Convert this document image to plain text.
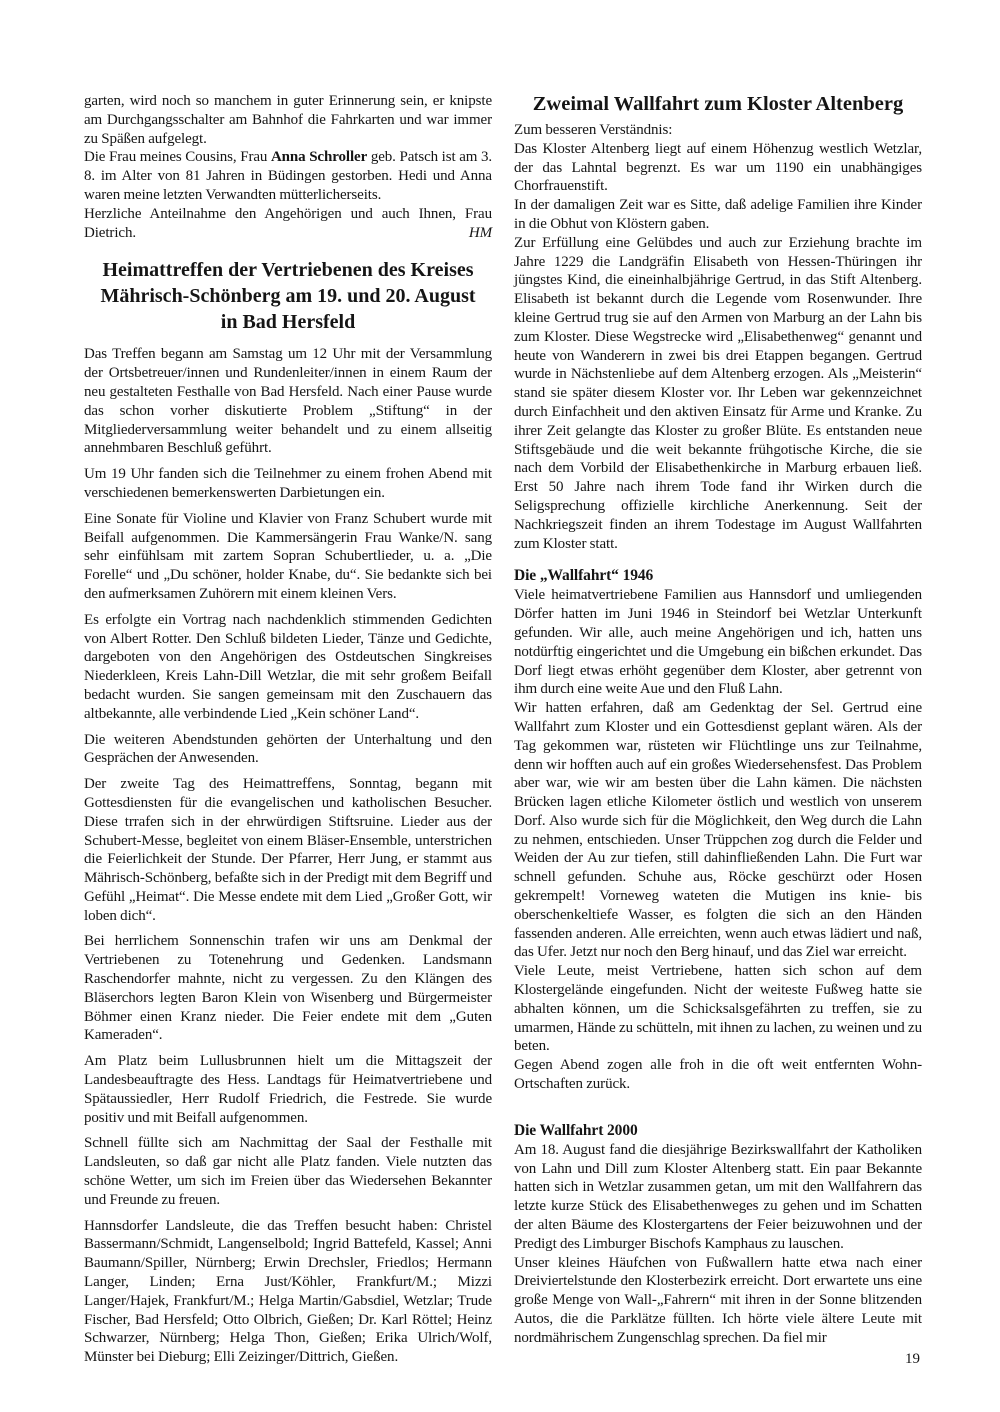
garten, wird noch so manchem in guter Erinnerung sein, er knipste am Durchgangsschalter am Bahnhof die Fahrkarten und war immer zu Späßen aufgelegt.

Die Frau meines Cousins, Frau Anna Schroller geb. Patsch ist am 3. 8. im Alter von 81 Jahren in Büdingen gestorben. Hedi und Anna waren meine letzten Verwandten mütterlicherseits.

Herzliche Anteilnahme den Angehörigen und auch Ihnen, Frau Dietrich.	HM

Heimattreffen der Vertriebenen des Kreises
Mährisch-Schönberg am 19. und 20. August
in Bad Hersfeld

Das Treffen begann am Samstag um 12 Uhr mit der Versammlung der Ortsbetreuer/innen und Rundenleiter/innen in einem Raum der neu gestalteten Festhalle von Bad Hersfeld. Nach einer Pause wurde das schon vorher diskutierte Problem „Stiftung“ in der Mitgliederversammlung weiter behandelt und zu einem allseitig annehmbaren Beschluß geführt.

Um 19 Uhr fanden sich die Teilnehmer zu einem frohen Abend mit verschiedenen bemerkenswerten Darbietungen ein.

Eine Sonate für Violine und Klavier von Franz Schubert wurde mit Beifall aufgenommen. Die Kammersängerin Frau Wanke/N. sang sehr einfühlsam mit zartem Sopran Schubertlieder, u. a. „Die Forelle“ und „Du schöner, holder Knabe, du“. Sie bedankte sich bei den aufmerksamen Zuhörern mit einem kleinen Vers.

Es erfolgte ein Vortrag nach nachdenklich stimmenden Gedichten von Albert Rotter. Den Schluß bildeten Lieder, Tänze und Gedichte, dargeboten von den Angehörigen des Ostdeutschen Singkreises Niederkleen, Kreis Lahn-Dill Wetzlar, die mit sehr großem Beifall bedacht wurden. Sie sangen gemeinsam mit den Zuschauern das altbekannte, alle verbindende Lied „Kein schöner Land“.

Die weiteren Abendstunden gehörten der Unterhaltung und den Gesprächen der Anwesenden.

Der zweite Tag des Heimattreffens, Sonntag, begann mit Gottesdiensten für die evangelischen und katholischen Besucher. Diese trrafen sich in der ehrwürdigen Stiftsruine. Lieder aus der Schubert-Messe, begleitet von einem Bläser-Ensemble, unterstrichen die Feierlichkeit der Stunde. Der Pfarrer, Herr Jung, er stammt aus Mährisch-Schönberg, befaßte sich in der Predigt mit dem Begriff und Gefühl „Heimat“. Die Messe endete mit dem Lied „Großer Gott, wir loben dich“.

Bei herrlichem Sonnenschin trafen wir uns am Denkmal der Vertriebenen zu Totenehrung und Gedenken. Landsmann Raschendorfer mahnte, nicht zu vergessen. Zu den Klängen des Bläserchors legten Baron Klein von Wisenberg und Bürgermeister Böhmer einen Kranz nieder. Die Feier endete mit dem „Guten Kameraden“.

Am Platz beim Lullusbrunnen hielt um die Mittagszeit der Landesbeauftragte des Hess. Landtags für Heimatvertriebene und Spätaussiedler, Herr Rudolf Friedrich, die Festrede. Sie wurde positiv und mit Beifall aufgenommen.

Schnell füllte sich am Nachmittag der Saal der Festhalle mit Landsleuten, so daß gar nicht alle Platz fanden. Viele nutzten das schöne Wetter, um sich im Freien über das Wiedersehen Bekannter und Freunde zu freuen.

Hannsdorfer Landsleute, die das Treffen besucht haben: Christel Bassermann/Schmidt, Langenselbold; Ingrid Battefeld, Kassel; Anni Baumann/Spiller, Nürnberg; Erwin Drechsler, Friedlos; Hermann Langer, Linden; Erna Just/Köhler, Frankfurt/M.; Mizzi Langer/Hajek, Frankfurt/M.; Helga Martin/Gabsdiel, Wetzlar; Trude Fischer, Bad Hersfeld; Otto Olbrich, Gießen; Dr. Karl Röttel; Heinz Schwarzer, Nürnberg; Helga Thon, Gießen; Erika Ulrich/Wolf, Münster bei Dieburg; Elli Zeizinger/Dittrich, Gießen.

Zweimal Wallfahrt zum Kloster Altenberg

Zum besseren Verständnis:

Das Kloster Altenberg liegt auf einem Höhenzug westlich Wetzlar, der das Lahntal begrenzt. Es war um 1190 ein unabhängiges Chorfrauenstift.

In der damaligen Zeit war es Sitte, daß adelige Familien ihre Kinder in die Obhut von Klöstern gaben.

Zur Erfüllung eine Gelübdes und auch zur Erziehung brachte im Jahre 1229 die Landgräfin Elisabeth von Hessen-Thüringen ihr jüngstes Kind, die eineinhalbjährige Gertrud, in das Stift Altenberg. Elisabeth ist bekannt durch die Legende vom Rosenwunder. Ihre kleine Gertrud trug sie auf den Armen von Marburg an der Lahn bis zum Kloster. Diese Wegstrecke wird „Elisabethenweg“ genannt und heute von Wanderern in zwei bis drei Etappen begangen. Gertrud wurde in Nächstenliebe auf dem Altenberg erzogen. Als „Meisterin“ stand sie später diesem Kloster vor. Ihr Leben war gekennzeichnet durch Einfachheit und den aktiven Einsatz für Arme und Kranke. Zu ihrer Zeit gelangte das Kloster zu großer Blüte. Es entstanden neue Stiftsgebäude und die weit bekannte frühgotische Kirche, die sie nach dem Vorbild der Elisabethenkirche in Marburg erbauen ließ. Erst 50 Jahre nach ihrem Tode fand ihr Wirken durch die Seligsprechung offizielle kirchliche Anerkennung. Seit der Nachkriegszeit finden an ihrem Todestage im August Wallfahrten zum Kloster statt.

Die „Wallfahrt“ 1946

Viele heimatvertriebene Familien aus Hannsdorf und umliegenden Dörfer hatten im Juni 1946 in Steindorf bei Wetzlar Unterkunft gefunden. Wir alle, auch meine Angehörigen und ich, hatten uns notdürftig eingerichtet und die Umgebung ein bißchen erkundet. Das Dorf liegt etwas erhöht gegenüber dem Kloster, aber getrennt von ihm durch eine weite Aue und den Fluß Lahn.

Wir hatten erfahren, daß am Gedenktag der Sel. Gertrud eine Wallfahrt zum Kloster und ein Gottesdienst geplant wären. Als der Tag gekommen war, rüsteten wir Flüchtlinge uns zur Teilnahme, denn wir hofften auch auf ein großes Wiedersehensfest. Das Problem aber war, wie wir am besten über die Lahn kämen. Die nächsten Brücken lagen etliche Kilometer östlich und westlich von unserem Dorf. Also wurde sich für die Möglichkeit, den Weg durch die Lahn zu nehmen, entschieden. Unser Trüppchen zog durch die Felder und Weiden der Au zur tiefen, still dahinfließenden Lahn. Die Furt war schnell gefunden. Schuhe aus, Röcke geschürzt oder Hosen gekrempelt! Vorneweg wateten die Mutigen ins knie- bis oberschenkeltiefe Wasser, es folgten die sich an den Händen fassenden anderen. Alle erreichten, wenn auch etwas lädiert und naß, das Ufer. Jetzt nur noch den Berg hinauf, und das Ziel war erreicht.

Viele Leute, meist Vertriebene, hatten sich schon auf dem Klostergelände eingefunden. Nicht der weiteste Fußweg hatte sie abhalten können, um die Schicksalsgefährten zu treffen, sie zu umarmen, Hände zu schütteln, mit ihnen zu lachen, zu weinen und zu beten.

Gegen Abend zogen alle froh in die oft weit entfernten Wohn-Ortschaften zurück.

Die Wallfahrt 2000

Am 18. August fand die diesjährige Bezirkswallfahrt der Katholiken von Lahn und Dill zum Kloster Altenberg statt. Ein paar Bekannte hatten sich in Wetzlar zusammen getan, um mit den Wallfahrern das letzte kurze Stück des Elisabethenweges zu gehen und im Schatten der alten Bäume des Klostergartens der Feier beizuwohnen und der Predigt des Limburger Bischofs Kamphaus zu lauschen.

Unser kleines Häufchen von Fußwallern hatte etwa nach einer Dreiviertelstunde den Klosterbezirk erreicht. Dort erwartete uns eine große Menge von Wall-„Fahrern“ mit ihren in der Sonne blitzenden Autos, die die Parklätze füllten. Ich hörte viele ältere Leute mit nordmährischem Zungenschlag sprechen. Da fiel mir

19
